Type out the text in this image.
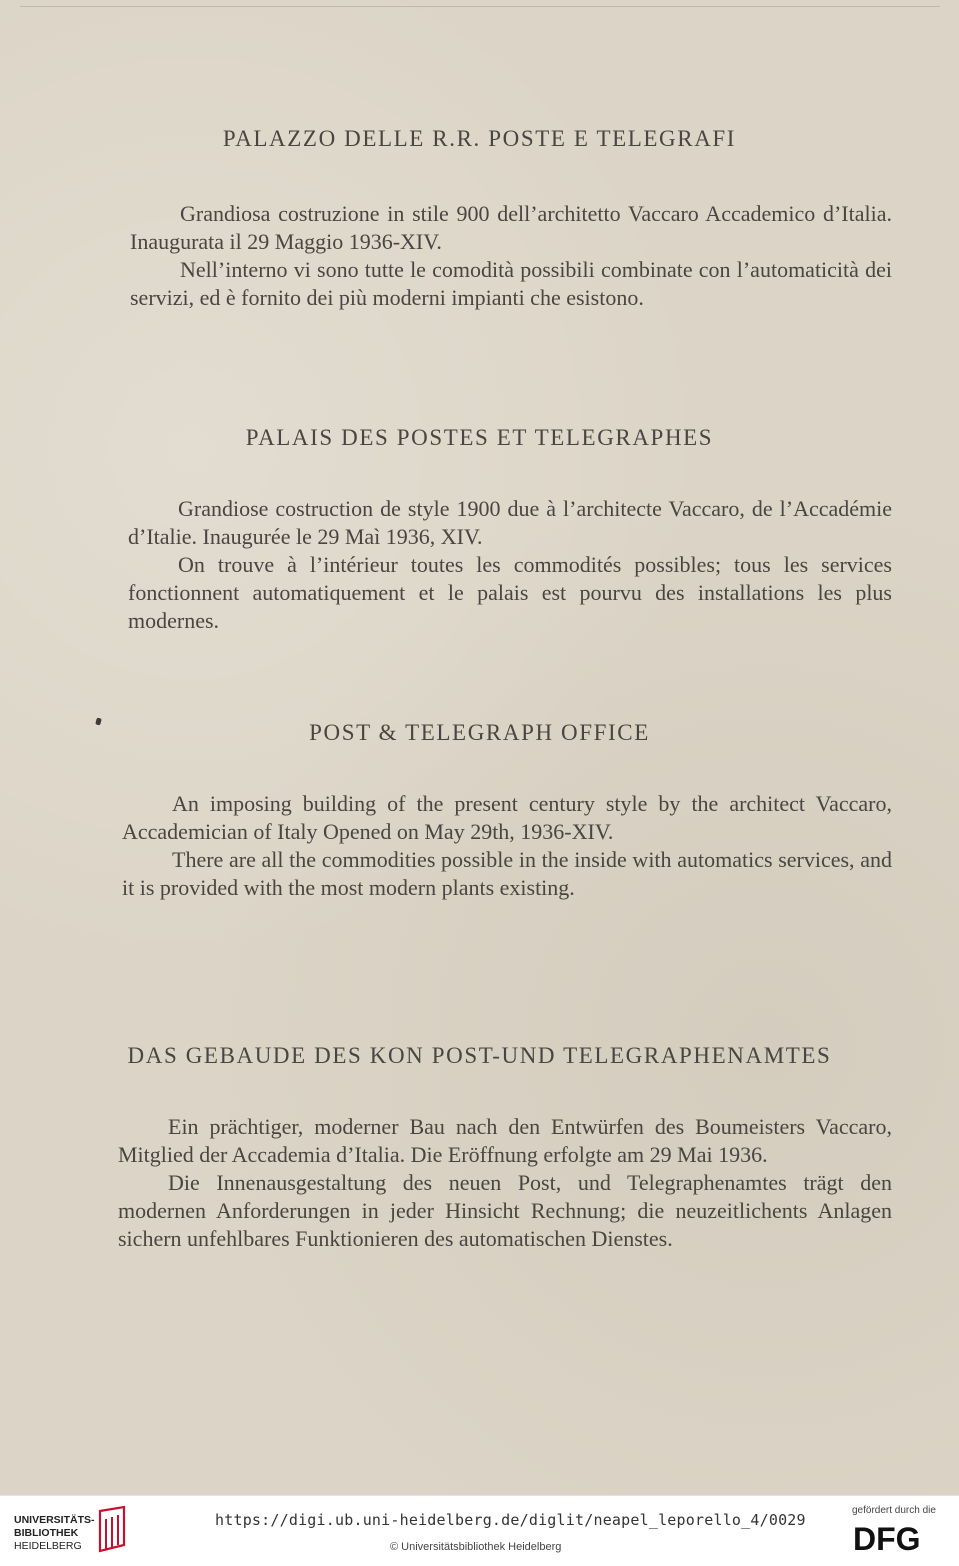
PALAZZO DELLE R.R. POSTE E TELEGRAFI

Grandiosa costruzione in stile 900 dell’architetto Vaccaro Accademico d’Italia. Inaugurata il 29 Maggio 1936-XIV.

Nell’interno vi sono tutte le comodità possibili combinate con l’automaticità dei servizi, ed è fornito dei più moderni impianti che esistono.

PALAIS DES POSTES ET TELEGRAPHES

Grandiose costruction de style 1900 due à l’architecte Vaccaro, de l’Accadémie d’Italie. Inaugurée le 29 Maì 1936, XIV.

On trouve à l’intérieur toutes les commodités possibles; tous les services fonctionnent automatiquement et le palais est pourvu des installations les plus modernes.

POST & TELEGRAPH OFFICE

An imposing building of the present century style by the architect Vaccaro, Accademician of Italy Opened on May 29th, 1936-XIV.

There are all the commodities possible in the inside with automatics services, and it is provided with the most modern plants existing.

DAS GEBAUDE DES KON POST-UND TELEGRAPHENAMTES

Ein prächtiger, moderner Bau nach den Entwürfen des Boumeisters Vaccaro, Mitglied der Accademia d’Italia. Die Eröffnung erfolgte am 29 Mai 1936.

Die Innenausgestaltung des neuen Post, und Telegraphenamtes trägt den modernen Anforderungen in jeder Hinsicht Rechnung; die neuzeitlichents Anlagen sichern unfehlbares Funktionieren des automatischen Dienstes.

UNIVERSITÄTS-
BIBLIOTHEK
HEIDELBERG
https://digi.ub.uni-heidelberg.de/diglit/neapel_leporello_4/0029
© Universitätsbibliothek Heidelberg
gefördert durch die
DFG
